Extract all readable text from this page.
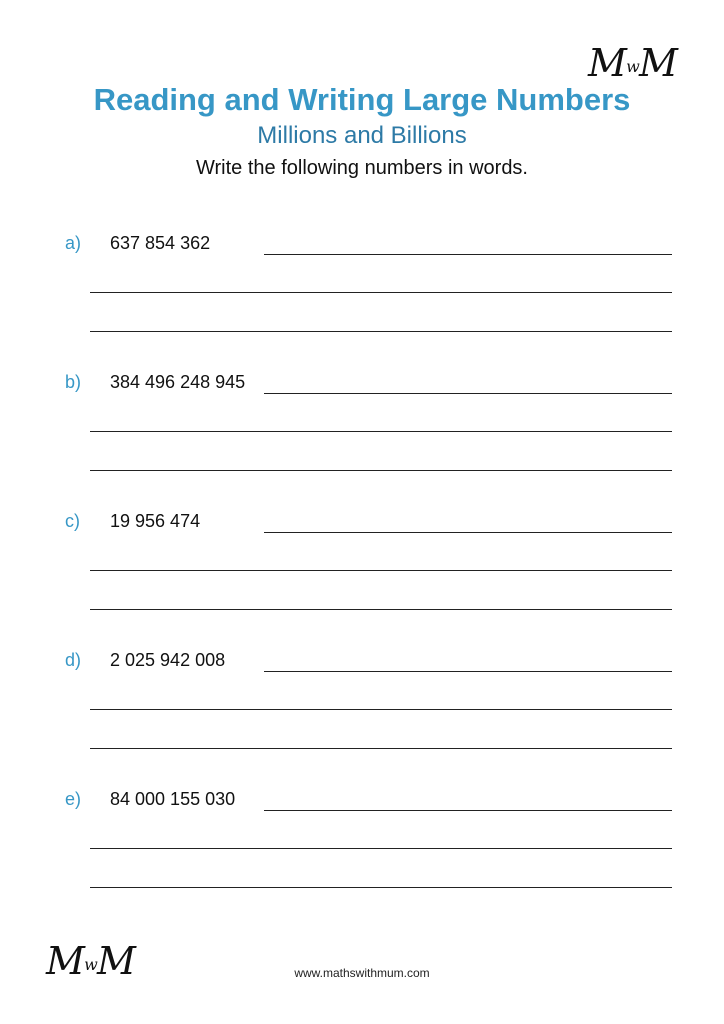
MwM
Reading and Writing Large Numbers
Millions and Billions
Write the following numbers in words.
a) 637 854 362
b) 384 496 248 945
c) 19 956 474
d) 2 025 942 008
e) 84 000 155 030
MwM	www.mathswithmum.com
